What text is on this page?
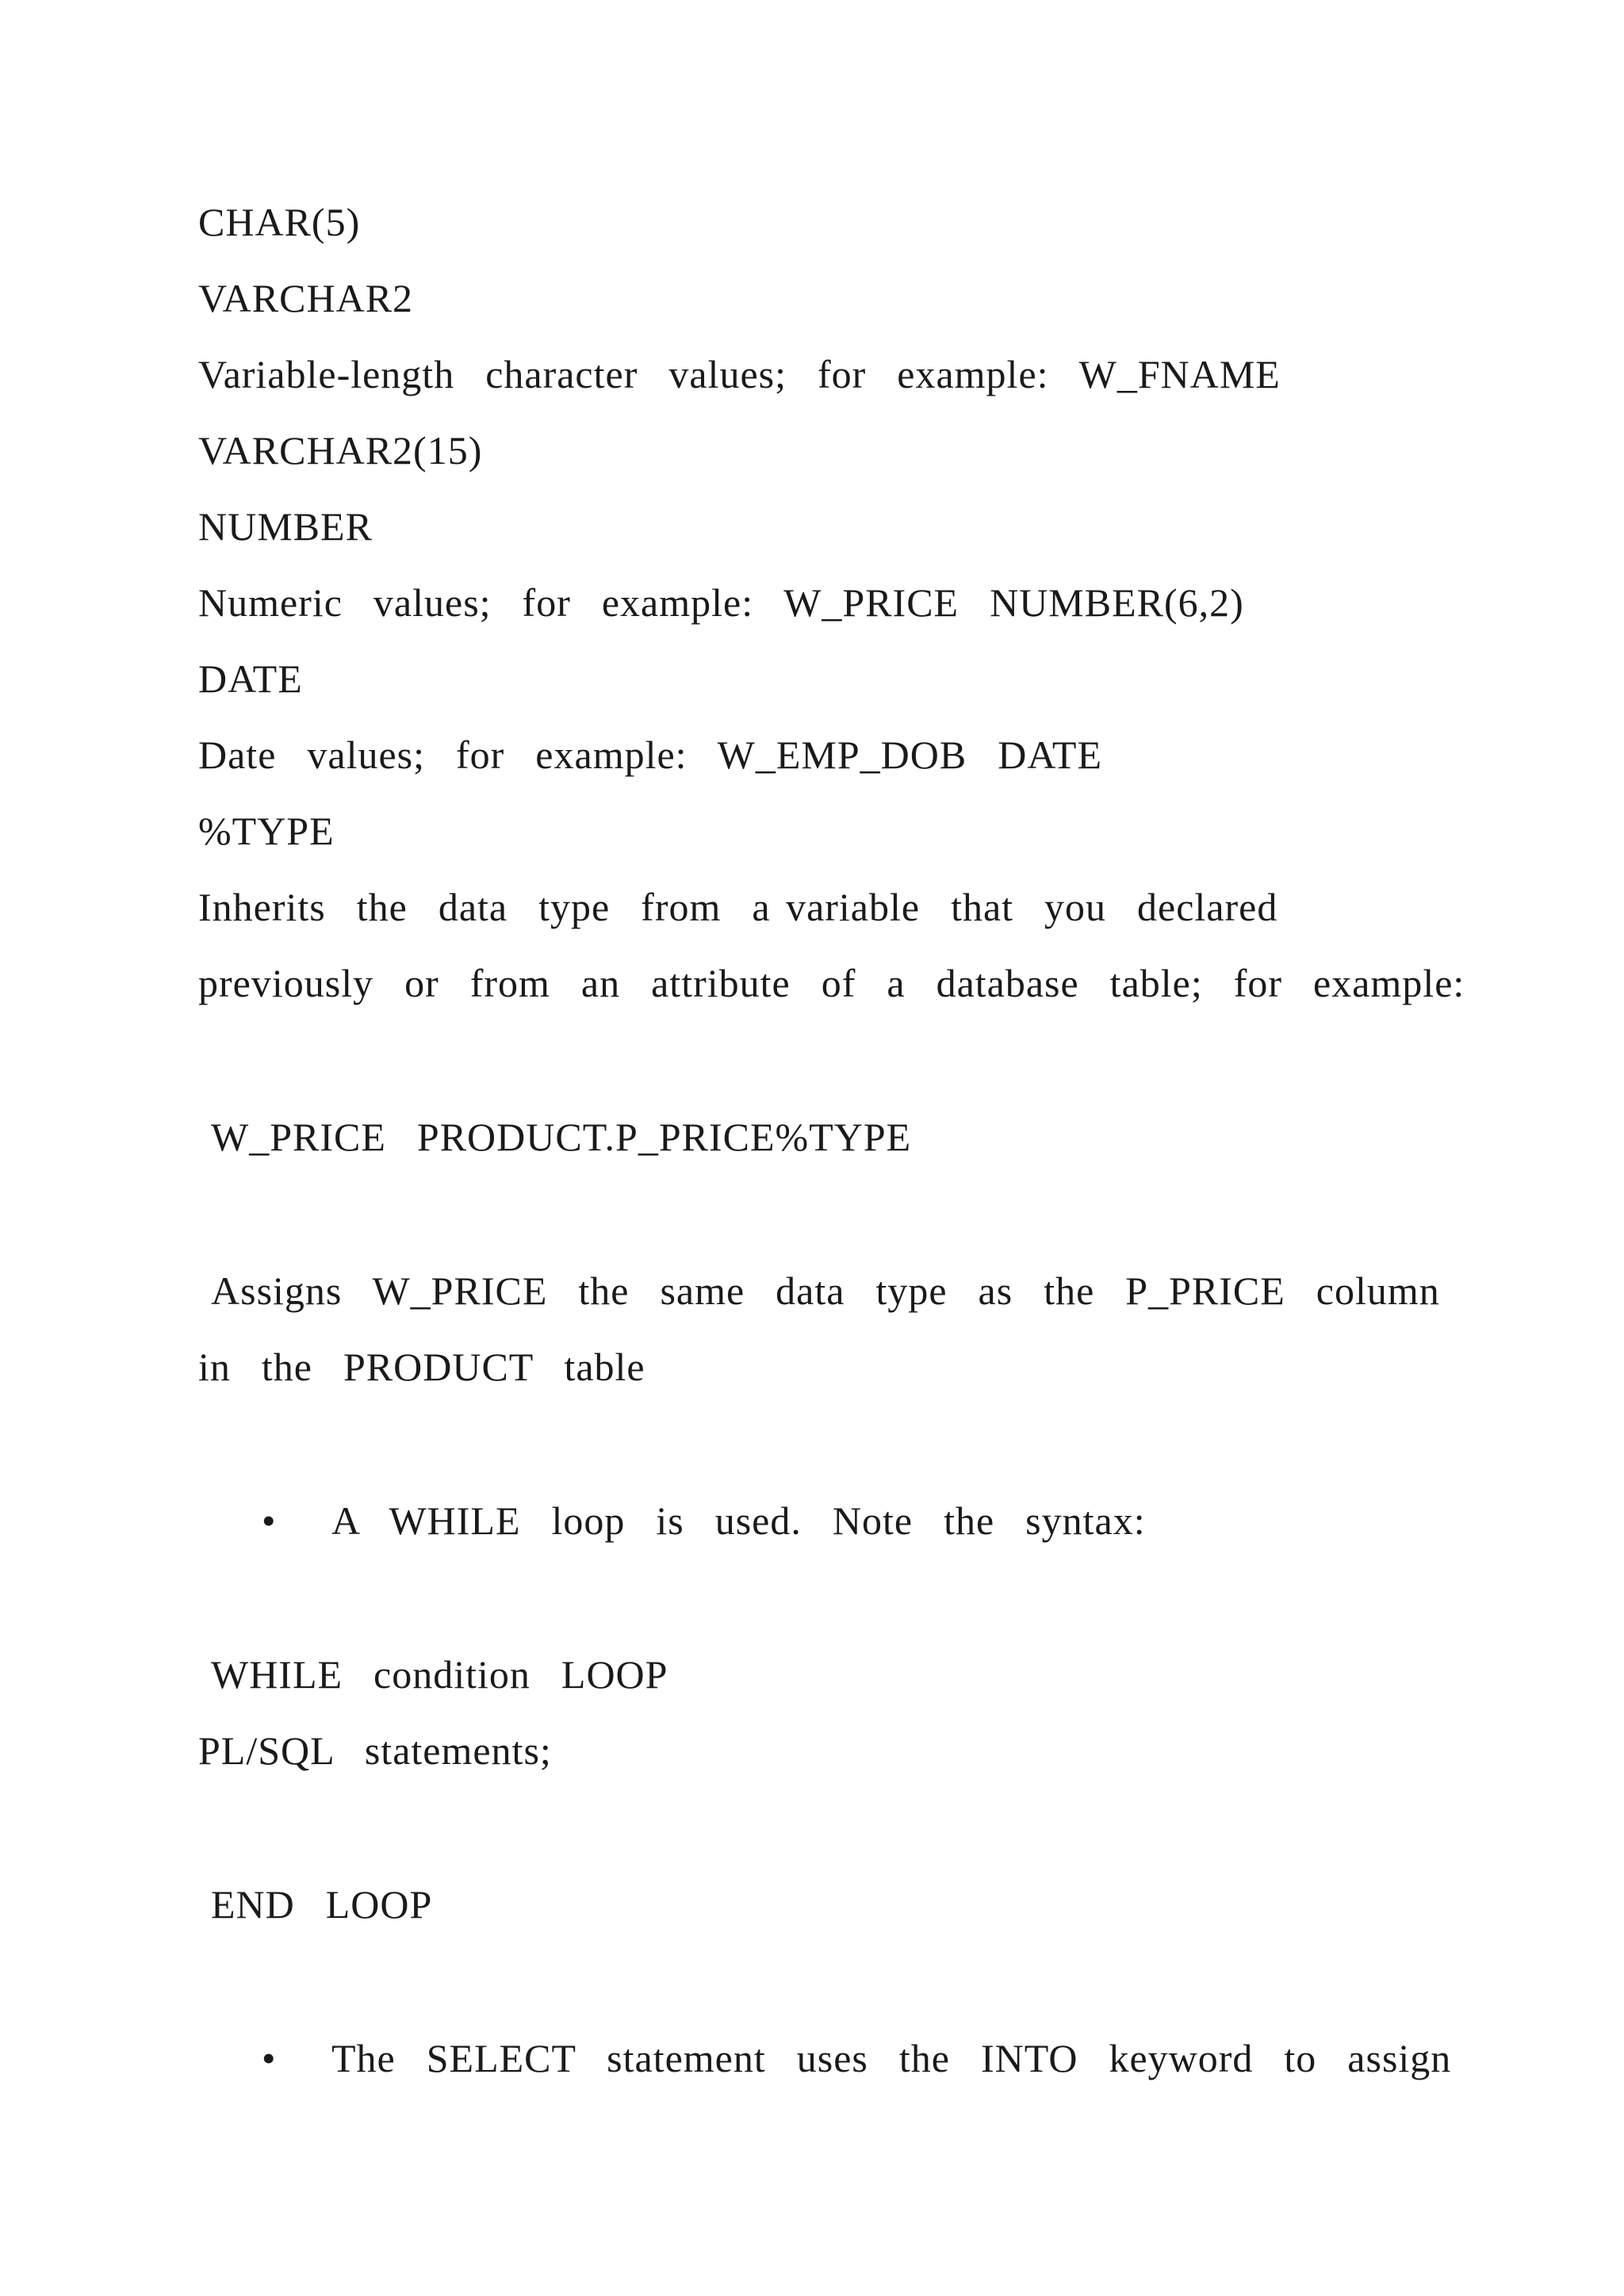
CHAR(5)
VARCHAR2
Variable-length  character  values;  for  example:  W_FNAME
VARCHAR2(15)
NUMBER
Numeric  values;  for  example:  W_PRICE  NUMBER(6,2)
DATE
Date  values;  for  example:  W_EMP_DOB  DATE
%TYPE
Inherits  the  data  type  from  a variable  that  you  declared
previously  or  from  an  attribute  of  a  database  table;  for  example:
W_PRICE  PRODUCT.P_PRICE%TYPE
Assigns  W_PRICE  the  same  data  type  as  the  P_PRICE  column
in  the  PRODUCT  table
• A  WHILE  loop  is  used.  Note  the  syntax:
WHILE  condition  LOOP
PL/SQL  statements;
END  LOOP
• The  SELECT  statement  uses  the  INTO  keyword  to  assign
